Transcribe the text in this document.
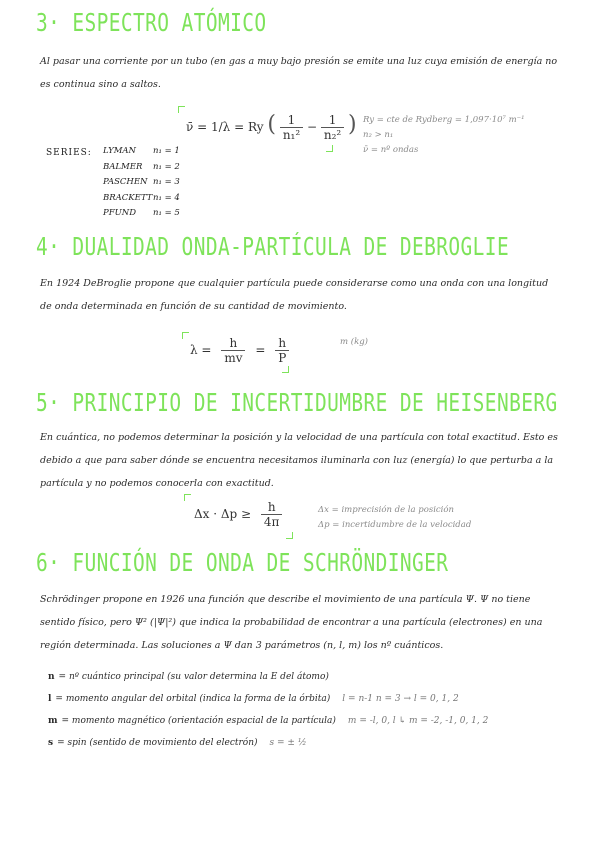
3· ESPECTRO ATÓMICO
Al pasar una corriente por un tubo (en gas a muy bajo presión se emite una luz cuya emisión de energía no es continua sino a saltos.
ν̄ = 1/λ = Ry ( $\frac{1}{\text{n₁²}} - \frac{1}{\text{n₂²}}$ ) Ry = cte de Rydberg = 1,097·10⁷ m⁻¹
n₂ > n₁
ν̄ = nº ondas
SERIES: LYMAN n₁ = 1
BALMER n₁ = 2
PASCHEN n₁ = 3
BRACKETTn₁ = 4
PFUND n₁ = 5
4· DUALIDAD ONDA-PARTÍCULA DE DEBROGLIE
En 1924 DeBroglie propone que cualquier partícula puede considerarse como una onda con una longitud de onda determinada en función de su cantidad de movimiento.
$\lambda = \frac{h}{mv} = \frac{h}{P}$	m (kg)
5· PRINCIPIO DE INCERTIDUMBRE DE HEISENBERG
En cuántica, no podemos determinar la posición y la velocidad de una partícula con total exactitud. Esto es debido a que para saber dónde se encuentra necesitamos iluminarla con luz (energía) lo que perturba a la partícula y no podemos conocerla con exactitud.
$\Delta x \cdot \Delta p \ge \frac{h}{4\pi}$	Δx = imprecisión de la posición
Δp = incertidumbre de la velocidad
6· FUNCIÓN DE ONDA DE SCHRÖNDINGER
Schrödinger propone en 1926 una función que describe el movimiento de una partícula Ψ. Ψ no tiene sentido físico, pero Ψ² (|Ψ|²) que indica la probabilidad de encontrar a una partícula (electrones) en una región determinada. Las soluciones a Ψ dan 3 parámetros (n, l, m) los nº cuánticos.
n = nº cuántico principal (su valor determina la E del átomo)
l = momento angular del orbital (indica la forma de la órbita) l = n-1 n = 3 → l = 0, 1, 2
m = momento magnético (orientación espacial de la partícula) m = -l, 0, l ↳ m = -2, -1, 0, 1, 2
s = spin (sentido de movimiento del electrón) s = ± ½
